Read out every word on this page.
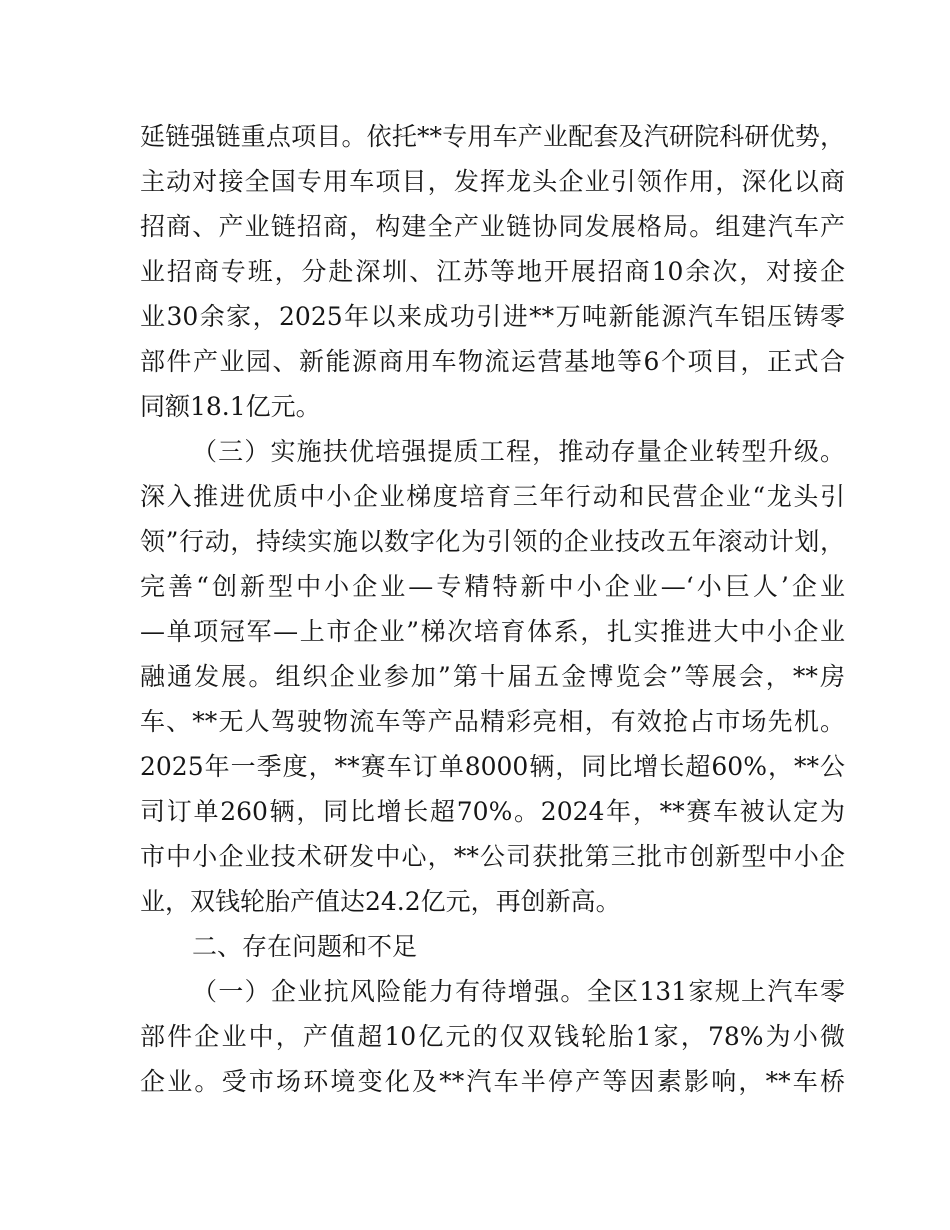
延链强链重点项目。依托**专用车产业配套及汽研院科研优势，
主动对接全国专用车项目，发挥龙头企业引领作用，深化以商
招商、产业链招商，构建全产业链协同发展格局。组建汽车产
业招商专班，分赴深圳、江苏等地开展招商10余次，对接企
业30余家，2025年以来成功引进**万吨新能源汽车铝压铸零
部件产业园、新能源商用车物流运营基地等6个项目，正式合
同额18.1亿元。
（三）实施扶优培强提质工程，推动存量企业转型升级。
深入推进优质中小企业梯度培育三年行动和民营企业“龙头引
领”行动，持续实施以数字化为引领的企业技改五年滚动计划，
完善“创新型中小企业—专精特新中小企业—‘小巨人’企业
—单项冠军—上市企业”梯次培育体系，扎实推进大中小企业
融通发展。组织企业参加”第十届五金博览会”等展会，**房
车、**无人驾驶物流车等产品精彩亮相，有效抢占市场先机。
2025年一季度，**赛车订单8000辆，同比增长超60%，**公
司订单260辆，同比增长超70%。2024年，**赛车被认定为
市中小企业技术研发中心，**公司获批第三批市创新型中小企
业，双钱轮胎产值达24.2亿元，再创新高。
二、存在问题和不足
（一）企业抗风险能力有待增强。全区131家规上汽车零
部件企业中，产值超10亿元的仅双钱轮胎1家，78%为小微
企业。受市场环境变化及**汽车半停产等因素影响，**车桥
